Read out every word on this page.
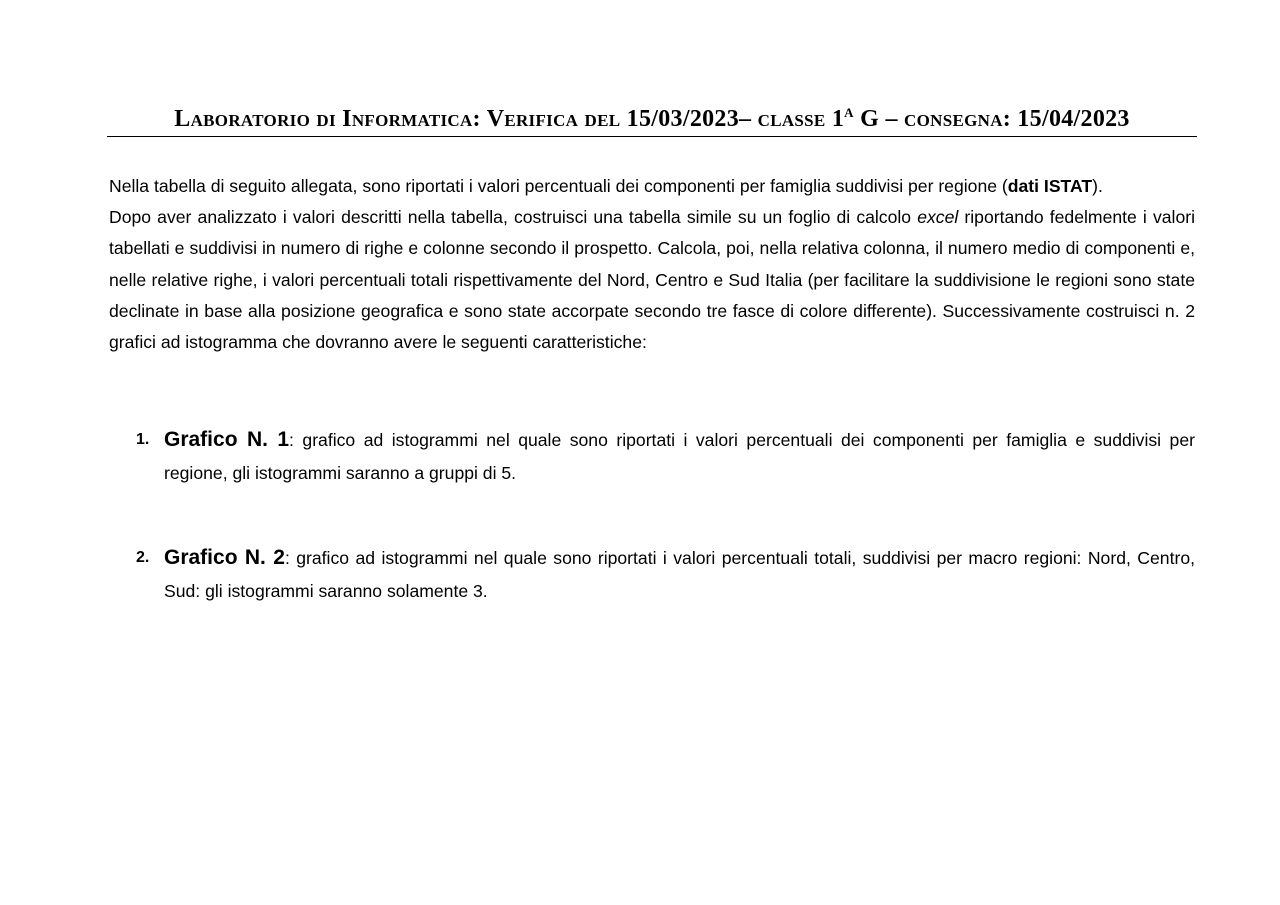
Laboratorio di Informatica: Verifica del 15/03/2023– classe $1^A$ G – consegna: 15/04/2023

Nella tabella di seguito allegata, sono riportati i valori percentuali dei componenti per famiglia suddivisi per regione (dati ISTAT).

Dopo aver analizzato i valori descritti nella tabella, costruisci una tabella simile su un foglio di calcolo excel riportando fedelmente i valori tabellati e suddivisi in numero di righe e colonne secondo il prospetto. Calcola, poi, nella relativa colonna, il numero medio di componenti e, nelle relative righe, i valori percentuali totali rispettivamente del Nord, Centro e Sud Italia (per facilitare la suddivisione le regioni sono state declinate in base alla posizione geografica e sono state accorpate secondo tre fasce di colore differente). Successivamente costruisci n. 2 grafici ad istogramma che dovranno avere le seguenti caratteristiche:

1. Grafico N. 1: grafico ad istogrammi nel quale sono riportati i valori percentuali dei componenti per famiglia e suddivisi per regione, gli istogrammi saranno a gruppi di 5.
2. Grafico N. 2: grafico ad istogrammi nel quale sono riportati i valori percentuali totali, suddivisi per macro regioni: Nord, Centro, Sud: gli istogrammi saranno solamente 3.
